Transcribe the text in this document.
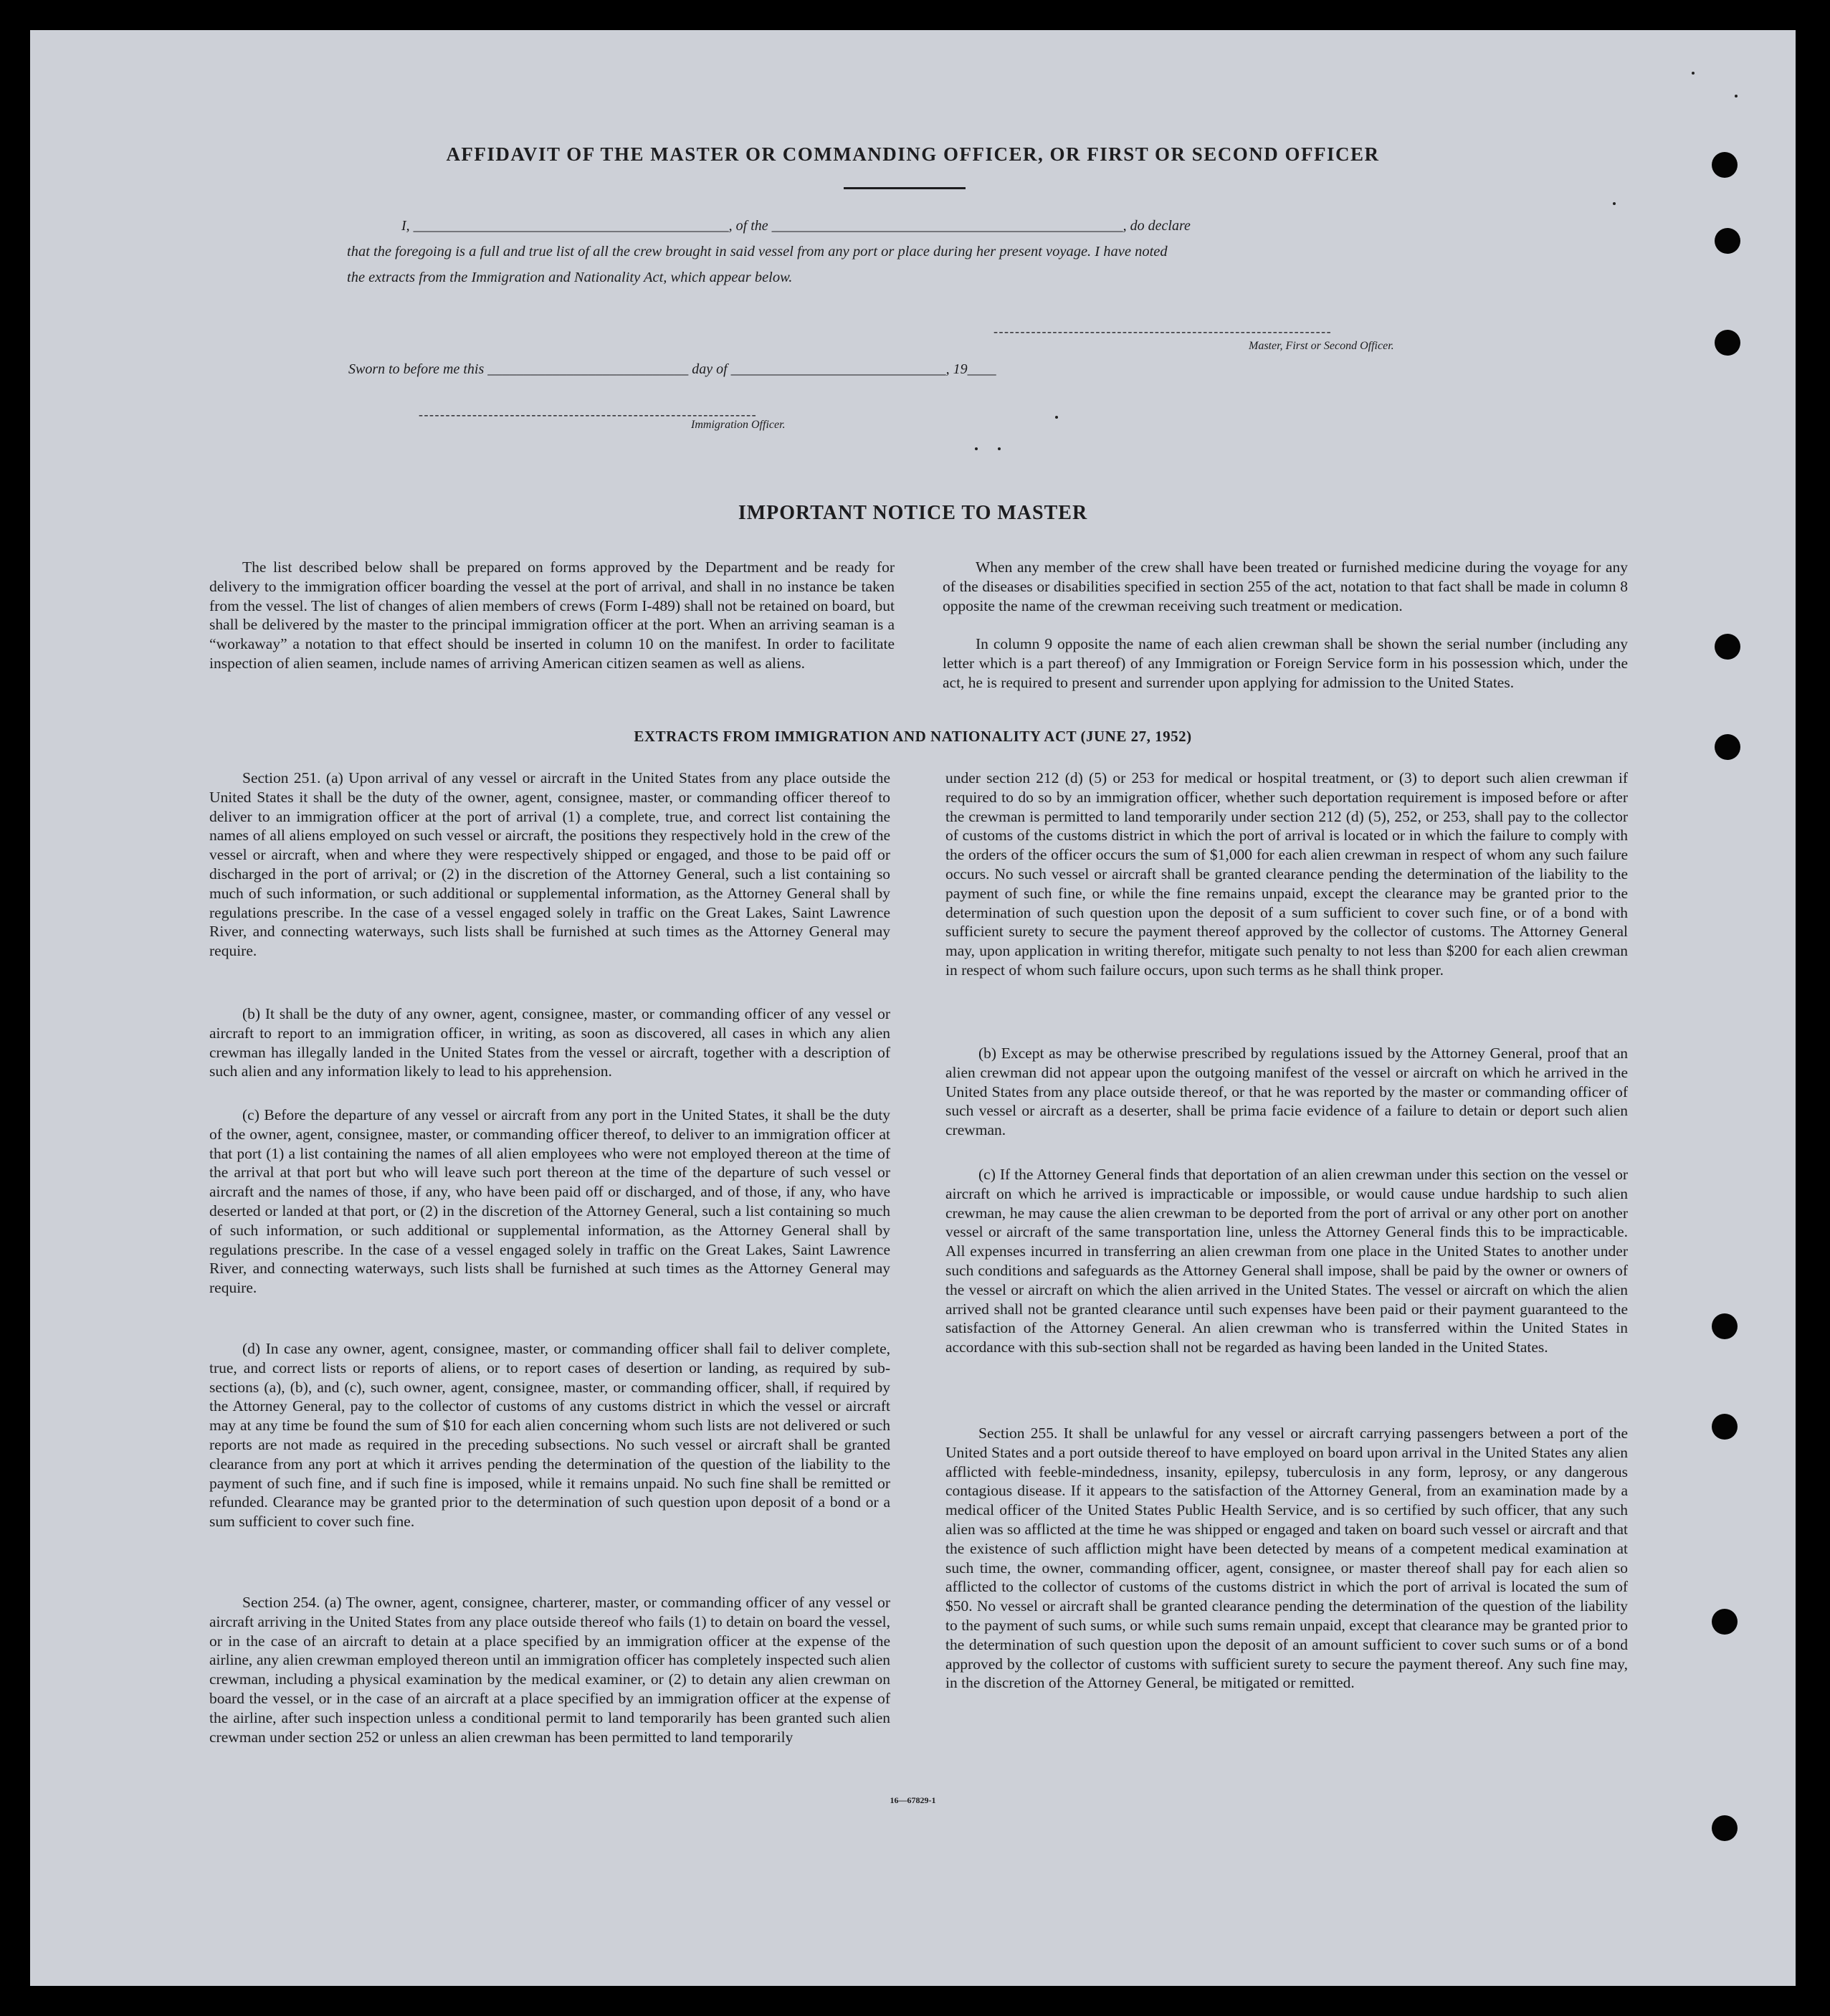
AFFIDAVIT OF THE MASTER OR COMMANDING OFFICER, OR FIRST OR SECOND OFFICER
I, ____________________________________________, of the _________________________________________________, do declare
that the foregoing is a full and true list of all the crew brought in said vessel from any port or place during her present voyage. I have noted
the extracts from the Immigration and Nationality Act, which appear below.
---------------------------------------------------------------
Master, First or Second Officer.
Sworn to before me this ____________________________ day of ______________________________, 19____
---------------------------------------------------------------
Immigration Officer.
IMPORTANT NOTICE TO MASTER

The list described below shall be prepared on forms approved by the Department and be ready for delivery to the immigration officer boarding the vessel at the port of arrival, and shall in no instance be taken from the vessel. The list of changes of alien members of crews (Form I-489) shall not be retained on board, but shall be delivered by the master to the principal immigration officer at the port. When an arriving seaman is a “workaway” a notation to that effect should be inserted in column 10 on the manifest. In order to facilitate inspection of alien seamen, include names of arriving American citizen seamen as well as aliens.

When any member of the crew shall have been treated or furnished medicine during the voyage for any of the diseases or disabilities specified in section 255 of the act, notation to that fact shall be made in column 8 opposite the name of the crewman receiving such treatment or medication.

In column 9 opposite the name of each alien crewman shall be shown the serial number (including any letter which is a part thereof) of any Immigration or Foreign Service form in his possession which, under the act, he is required to present and surrender upon applying for admission to the United States.

EXTRACTS FROM IMMIGRATION AND NATIONALITY ACT (JUNE 27, 1952)

Section 251. (a) Upon arrival of any vessel or aircraft in the United States from any place outside the United States it shall be the duty of the owner, agent, consignee, master, or commanding officer thereof to deliver to an immigration officer at the port of arrival (1) a complete, true, and correct list containing the names of all aliens employed on such vessel or aircraft, the positions they respectively hold in the crew of the vessel or aircraft, when and where they were respectively shipped or engaged, and those to be paid off or discharged in the port of arrival; or (2) in the discretion of the Attorney General, such a list containing so much of such information, or such additional or supplemental information, as the Attorney General shall by regulations prescribe. In the case of a vessel engaged solely in traffic on the Great Lakes, Saint Lawrence River, and connecting waterways, such lists shall be furnished at such times as the Attorney General may require.

(b) It shall be the duty of any owner, agent, consignee, master, or commanding officer of any vessel or aircraft to report to an immigration officer, in writing, as soon as discovered, all cases in which any alien crewman has illegally landed in the United States from the vessel or aircraft, together with a description of such alien and any information likely to lead to his apprehension.

(c) Before the departure of any vessel or aircraft from any port in the United States, it shall be the duty of the owner, agent, consignee, master, or commanding officer thereof, to deliver to an immigration officer at that port (1) a list containing the names of all alien employees who were not employed thereon at the time of the arrival at that port but who will leave such port thereon at the time of the departure of such vessel or aircraft and the names of those, if any, who have been paid off or discharged, and of those, if any, who have deserted or landed at that port, or (2) in the discretion of the Attorney General, such a list containing so much of such information, or such additional or supplemental information, as the Attorney General shall by regulations prescribe. In the case of a vessel engaged solely in traffic on the Great Lakes, Saint Lawrence River, and connecting waterways, such lists shall be furnished at such times as the Attorney General may require.

(d) In case any owner, agent, consignee, master, or commanding officer shall fail to deliver complete, true, and correct lists or reports of aliens, or to report cases of desertion or landing, as required by sub-sections (a), (b), and (c), such owner, agent, consignee, master, or commanding officer, shall, if required by the Attorney General, pay to the collector of customs of any customs district in which the vessel or aircraft may at any time be found the sum of $10 for each alien concerning whom such lists are not delivered or such reports are not made as required in the preceding subsections. No such vessel or aircraft shall be granted clearance from any port at which it arrives pending the determination of the question of the liability to the payment of such fine, and if such fine is imposed, while it remains unpaid. No such fine shall be remitted or refunded. Clearance may be granted prior to the determination of such question upon deposit of a bond or a sum sufficient to cover such fine.

Section 254. (a) The owner, agent, consignee, charterer, master, or commanding officer of any vessel or aircraft arriving in the United States from any place outside thereof who fails (1) to detain on board the vessel, or in the case of an aircraft to detain at a place specified by an immigration officer at the expense of the airline, any alien crewman employed thereon until an immigration officer has completely inspected such alien crewman, including a physical examination by the medical examiner, or (2) to detain any alien crewman on board the vessel, or in the case of an aircraft at a place specified by an immigration officer at the expense of the airline, after such inspection unless a conditional permit to land temporarily has been granted such alien crewman under section 252 or unless an alien crewman has been permitted to land temporarily

under section 212 (d) (5) or 253 for medical or hospital treatment, or (3) to deport such alien crewman if required to do so by an immigration officer, whether such deportation requirement is imposed before or after the crewman is permitted to land temporarily under section 212 (d) (5), 252, or 253, shall pay to the collector of customs of the customs district in which the port of arrival is located or in which the failure to comply with the orders of the officer occurs the sum of $1,000 for each alien crewman in respect of whom any such failure occurs. No such vessel or aircraft shall be granted clearance pending the determination of the liability to the payment of such fine, or while the fine remains unpaid, except the clearance may be granted prior to the determination of such question upon the deposit of a sum sufficient to cover such fine, or of a bond with sufficient surety to secure the payment thereof approved by the collector of customs. The Attorney General may, upon application in writing therefor, mitigate such penalty to not less than $200 for each alien crewman in respect of whom such failure occurs, upon such terms as he shall think proper.

(b) Except as may be otherwise prescribed by regulations issued by the Attorney General, proof that an alien crewman did not appear upon the outgoing manifest of the vessel or aircraft on which he arrived in the United States from any place outside thereof, or that he was reported by the master or commanding officer of such vessel or aircraft as a deserter, shall be prima facie evidence of a failure to detain or deport such alien crewman.

(c) If the Attorney General finds that deportation of an alien crewman under this section on the vessel or aircraft on which he arrived is impracticable or impossible, or would cause undue hardship to such alien crewman, he may cause the alien crewman to be deported from the port of arrival or any other port on another vessel or aircraft of the same transportation line, unless the Attorney General finds this to be impracticable. All expenses incurred in transferring an alien crewman from one place in the United States to another under such conditions and safeguards as the Attorney General shall impose, shall be paid by the owner or owners of the vessel or aircraft on which the alien arrived in the United States. The vessel or aircraft on which the alien arrived shall not be granted clearance until such expenses have been paid or their payment guaranteed to the satisfaction of the Attorney General. An alien crewman who is transferred within the United States in accordance with this sub-section shall not be regarded as having been landed in the United States.

Section 255. It shall be unlawful for any vessel or aircraft carrying passengers between a port of the United States and a port outside thereof to have employed on board upon arrival in the United States any alien afflicted with feeble-mindedness, insanity, epilepsy, tuberculosis in any form, leprosy, or any dangerous contagious disease. If it appears to the satisfaction of the Attorney General, from an examination made by a medical officer of the United States Public Health Service, and is so certified by such officer, that any such alien was so afflicted at the time he was shipped or engaged and taken on board such vessel or aircraft and that the existence of such affliction might have been detected by means of a competent medical examination at such time, the owner, commanding officer, agent, consignee, or master thereof shall pay for each alien so afflicted to the collector of customs of the customs district in which the port of arrival is located the sum of $50. No vessel or aircraft shall be granted clearance pending the determination of the question of the liability to the payment of such sums, or while such sums remain unpaid, except that clearance may be granted prior to the determination of such question upon the deposit of an amount sufficient to cover such sums or of a bond approved by the collector of customs with sufficient surety to secure the payment thereof. Any such fine may, in the discretion of the Attorney General, be mitigated or remitted.

16—67829-1
